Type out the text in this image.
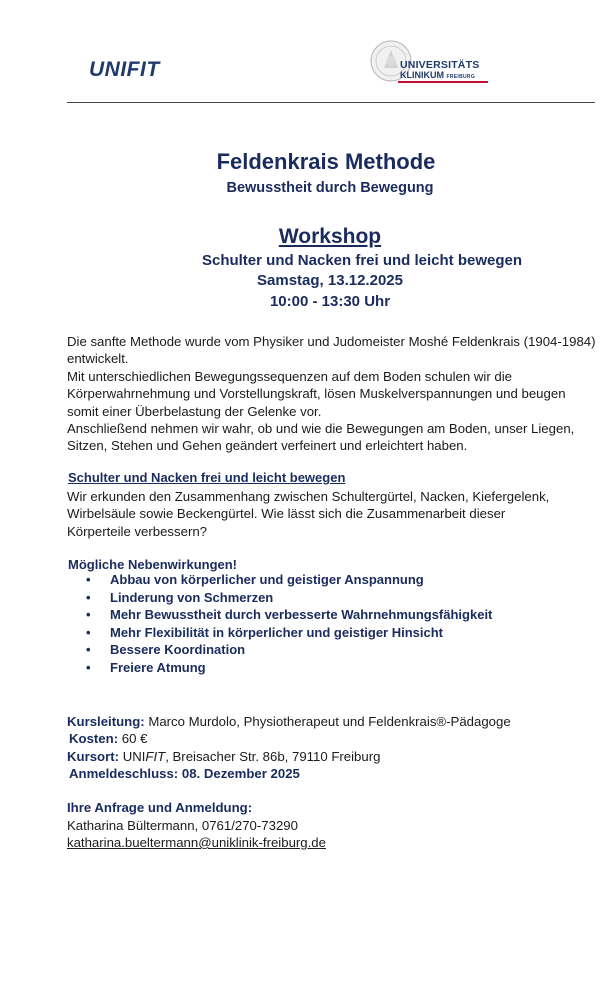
UNIFIT	UNIVERSITÄTS
KLINIKUM FREIBURG
Feldenkrais Methode
Bewusstheit durch Bewegung
Workshop
Schulter und Nacken frei und leicht bewegen
Samstag, 13.12.2025
10:00 - 13:30 Uhr

Die sanfte Methode wurde vom Physiker und Judomeister Moshé Feldenkrais (1904-1984) entwickelt.

Mit unterschiedlichen Bewegungssequenzen auf dem Boden schulen wir die Körperwahrnehmung und Vorstellungskraft, lösen Muskelverspannungen und beugen somit einer Überbelastung der Gelenke vor.

Anschließend nehmen wir wahr, ob und wie die Bewegungen am Boden, unser Liegen, Sitzen, Stehen und Gehen geändert verfeinert und erleichtert haben.

Schulter und Nacken frei und leicht bewegen
Wir erkunden den Zusammenhang zwischen Schultergürtel, Nacken, Kiefergelenk, Wirbelsäule sowie Beckengürtel. Wie lässt sich die Zusammenarbeit dieser Körperteile verbessern?
Mögliche Nebenwirkungen!
• Abbau von körperlicher und geistiger Anspannung
• Linderung von Schmerzen
• Mehr Bewusstheit durch verbesserte Wahrnehmungsfähigkeit
• Mehr Flexibilität in körperlicher und geistiger Hinsicht
• Bessere Koordination
• Freiere Atmung
Kursleitung: Marco Murdolo, Physiotherapeut und Feldenkrais®-Pädagoge
Kosten: 60 €
Kursort: UNIFIT, Breisacher Str. 86b, 79110 Freiburg
Anmeldeschluss: 08. Dezember 2025
Ihre Anfrage und Anmeldung:
Katharina Bültermann, 0761/270-73290
katharina.bueltermann@uniklinik-freiburg.de
